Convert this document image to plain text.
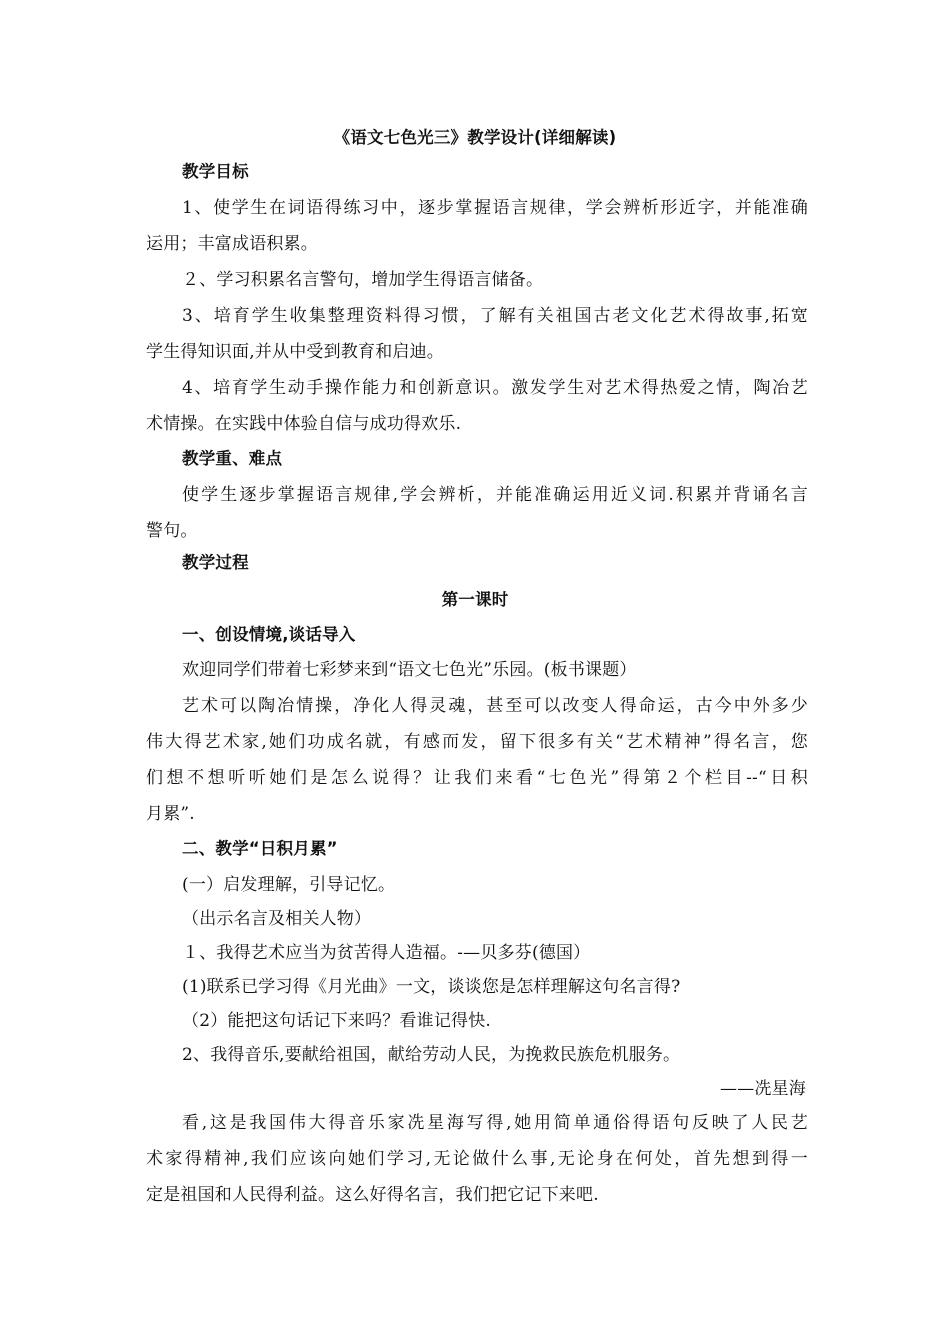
《语文七色光三》教学设计(详细解读)
教学目标
1、使学生在词语得练习中，逐步掌握语言规律，学会辨析形近字，并能准确
运用；丰富成语积累。
２、学习积累名言警句，增加学生得语言储备。
3、培育学生收集整理资料得习惯，了解有关祖国古老文化艺术得故事,拓宽
学生得知识面,并从中受到教育和启迪。
4、培育学生动手操作能力和创新意识。激发学生对艺术得热爱之情，陶冶艺
术情操。在实践中体验自信与成功得欢乐.
教学重、难点
使学生逐步掌握语言规律,学会辨析，并能准确运用近义词.积累并背诵名言
警句。
教学过程
第一课时
一、创设情境,谈话导入
欢迎同学们带着七彩梦来到“语文七色光”乐园。(板书课题）
艺术可以陶冶情操，净化人得灵魂，甚至可以改变人得命运，古今中外多少
伟大得艺术家,她们功成名就，有感而发，留下很多有关“艺术精神”得名言，您
们想不想听听她们是怎么说得？让我们来看“七色光”得第２个栏目--“日积
月累”.
二、教学“日积月累”
(一）启发理解，引导记忆。
（出示名言及相关人物）
１、我得艺术应当为贫苦得人造福。-—贝多芬(德国）
(1)联系已学习得《月光曲》一文，谈谈您是怎样理解这句名言得?
（2）能把这句话记下来吗？看谁记得快.
2、我得音乐,要献给祖国，献给劳动人民，为挽救民族危机服务。
——冼星海
看,这是我国伟大得音乐家冼星海写得,她用简单通俗得语句反映了人民艺
术家得精神,我们应该向她们学习,无论做什么事,无论身在何处，首先想到得一
定是祖国和人民得利益。这么好得名言，我们把它记下来吧.
